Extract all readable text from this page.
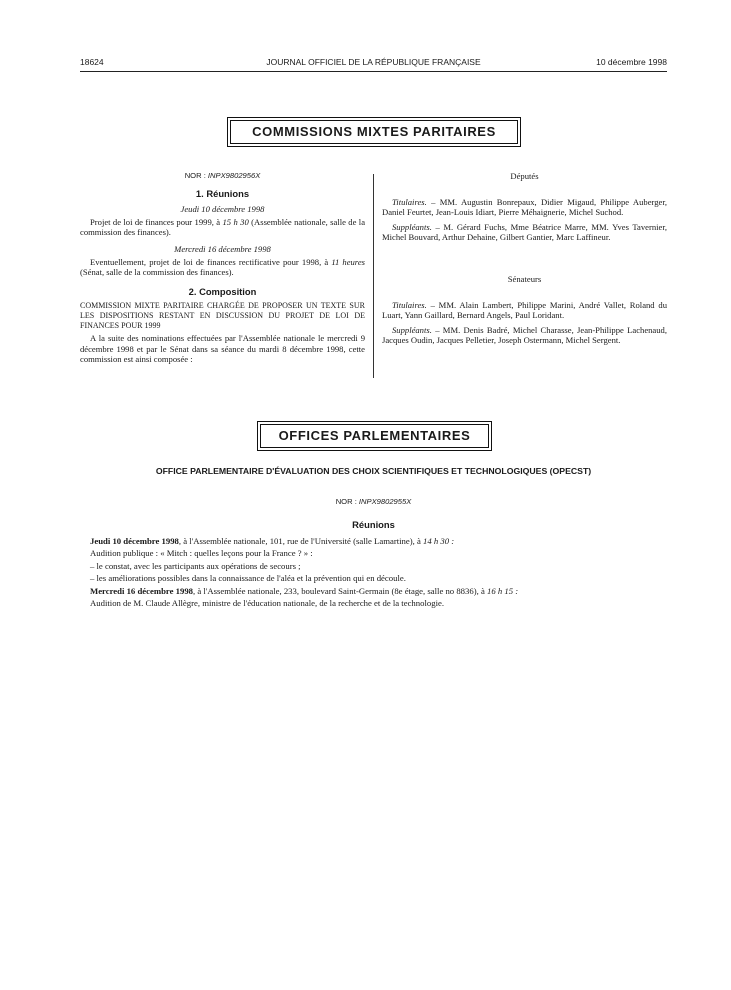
18624	JOURNAL OFFICIEL DE LA RÉPUBLIQUE FRANÇAISE	10 décembre 1998
COMMISSIONS MIXTES PARITAIRES

NOR : INPX9802956X

1. Réunions

Jeudi 10 décembre 1998

Projet de loi de finances pour 1999, à 15 h 30 (Assemblée nationale, salle de la commission des finances).

Mercredi 16 décembre 1998

Eventuellement, projet de loi de finances rectificative pour 1998, à 11 heures (Sénat, salle de la commission des finances).

2. Composition

COMMISSION MIXTE PARITAIRE CHARGÉE DE PROPOSER UN TEXTE SUR LES DISPOSITIONS RESTANT EN DISCUSSION DU PROJET DE LOI DE FINANCES POUR 1999

A la suite des nominations effectuées par l'Assemblée nationale le mercredi 9 décembre 1998 et par le Sénat dans sa séance du mardi 8 décembre 1998, cette commission est ainsi composée :

Députés

Titulaires. – MM. Augustin Bonrepaux, Didier Migaud, Philippe Auberger, Daniel Feurtet, Jean-Louis Idiart, Pierre Méhaignerie, Michel Suchod.

Suppléants. – M. Gérard Fuchs, Mme Béatrice Marre, MM. Yves Tavernier, Michel Bouvard, Arthur Dehaine, Gilbert Gantier, Marc Laffineur.

Sénateurs

Titulaires. – MM. Alain Lambert, Philippe Marini, André Vallet, Roland du Luart, Yann Gaillard, Bernard Angels, Paul Loridant.

Suppléants. – MM. Denis Badré, Michel Charasse, Jean-Philippe Lachenaud, Jacques Oudin, Jacques Pelletier, Joseph Ostermann, Michel Sergent.

OFFICES PARLEMENTAIRES
OFFICE PARLEMENTAIRE D'ÉVALUATION DES CHOIX SCIENTIFIQUES ET TECHNOLOGIQUES (OPECST)
NOR : INPX9802955X
Réunions

Jeudi 10 décembre 1998, à l'Assemblée nationale, 101, rue de l'Université (salle Lamartine), à 14 h 30 :

Audition publique : « Mitch : quelles leçons pour la France ? » :

– le constat, avec les participants aux opérations de secours ;

– les améliorations possibles dans la connaissance de l'aléa et la prévention qui en découle.

Mercredi 16 décembre 1998, à l'Assemblée nationale, 233, boulevard Saint-Germain (8e étage, salle no 8836), à 16 h 15 :

Audition de M. Claude Allègre, ministre de l'éducation nationale, de la recherche et de la technologie.
